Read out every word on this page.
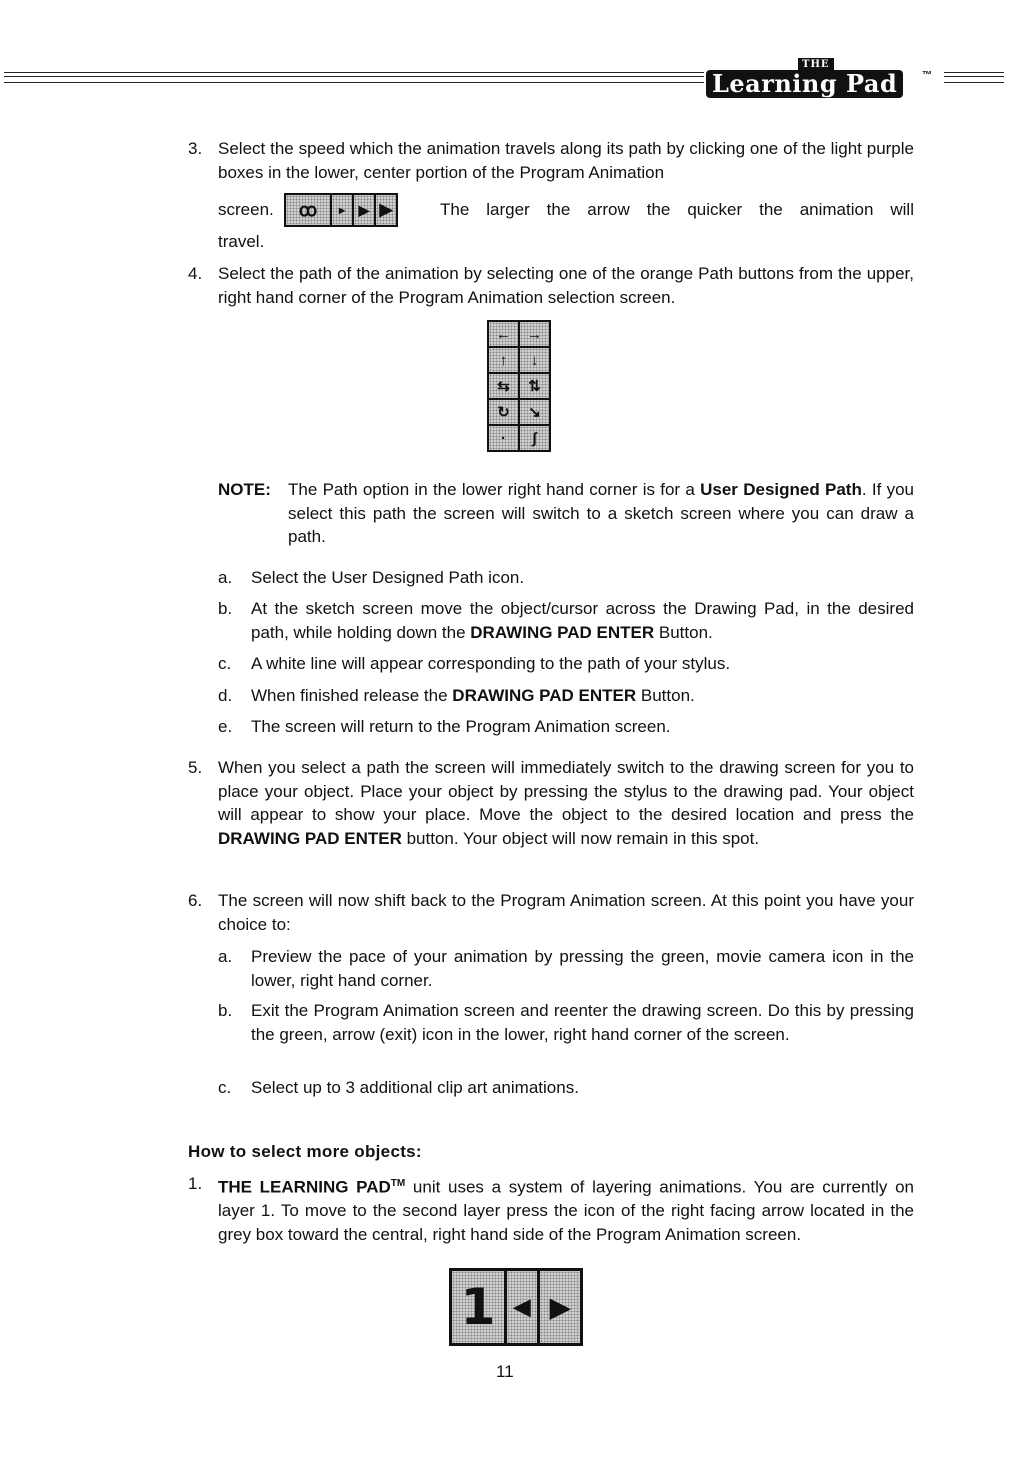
THE
Learning Pad	™
3. Select the speed which the animation travels along its path by clicking one of the light purple boxes in the lower, center portion of the Program Animation

screen.	ꝏ	▸ ▶ ▶	The larger the arrow the quicker the animation will
travel.
4. Select the path of the animation by selecting one of the orange Path buttons from the upper, right hand corner of the Program Animation selection screen.

←	→
↑	↓
⇆	⇅
↻	↘
·	∫
NOTE: The Path option in the lower right hand corner is for a User Designed Path. If you select this path the screen will switch to a sketch screen where you can draw a path.

a. Select the User Designed Path icon.

b. At the sketch screen move the object/cursor across the Drawing Pad, in the desired path, while holding down the DRAWING PAD ENTER Button.

c. A white line will appear corresponding to the path of your stylus.

d. When finished release the DRAWING PAD ENTER Button.

e. The screen will return to the Program Animation screen.

5. When you select a path the screen will immediately switch to the drawing screen for you to place your object. Place your object by pressing the stylus to the drawing pad. Your object will appear to show your place. Move the object to the desired location and press the DRAWING PAD ENTER button. Your object will now remain in this spot.

6. The screen will now shift back to the Program Animation screen. At this point you have your choice to:

a. Preview the pace of your animation by pressing the green, movie camera icon in the lower, right hand corner.

b. Exit the Program Animation screen and reenter the drawing screen. Do this by pressing the green, arrow (exit) icon in the lower, right hand corner of the screen.

c. Select up to 3 additional clip art animations.

How to select more objects:
1. THE LEARNING PAD™ unit uses a system of layering animations. You are currently on layer 1. To move to the second layer press the icon of the right facing arrow located in the grey box toward the central, right hand side of the Program Animation screen.

1 ◀ ▶
11
